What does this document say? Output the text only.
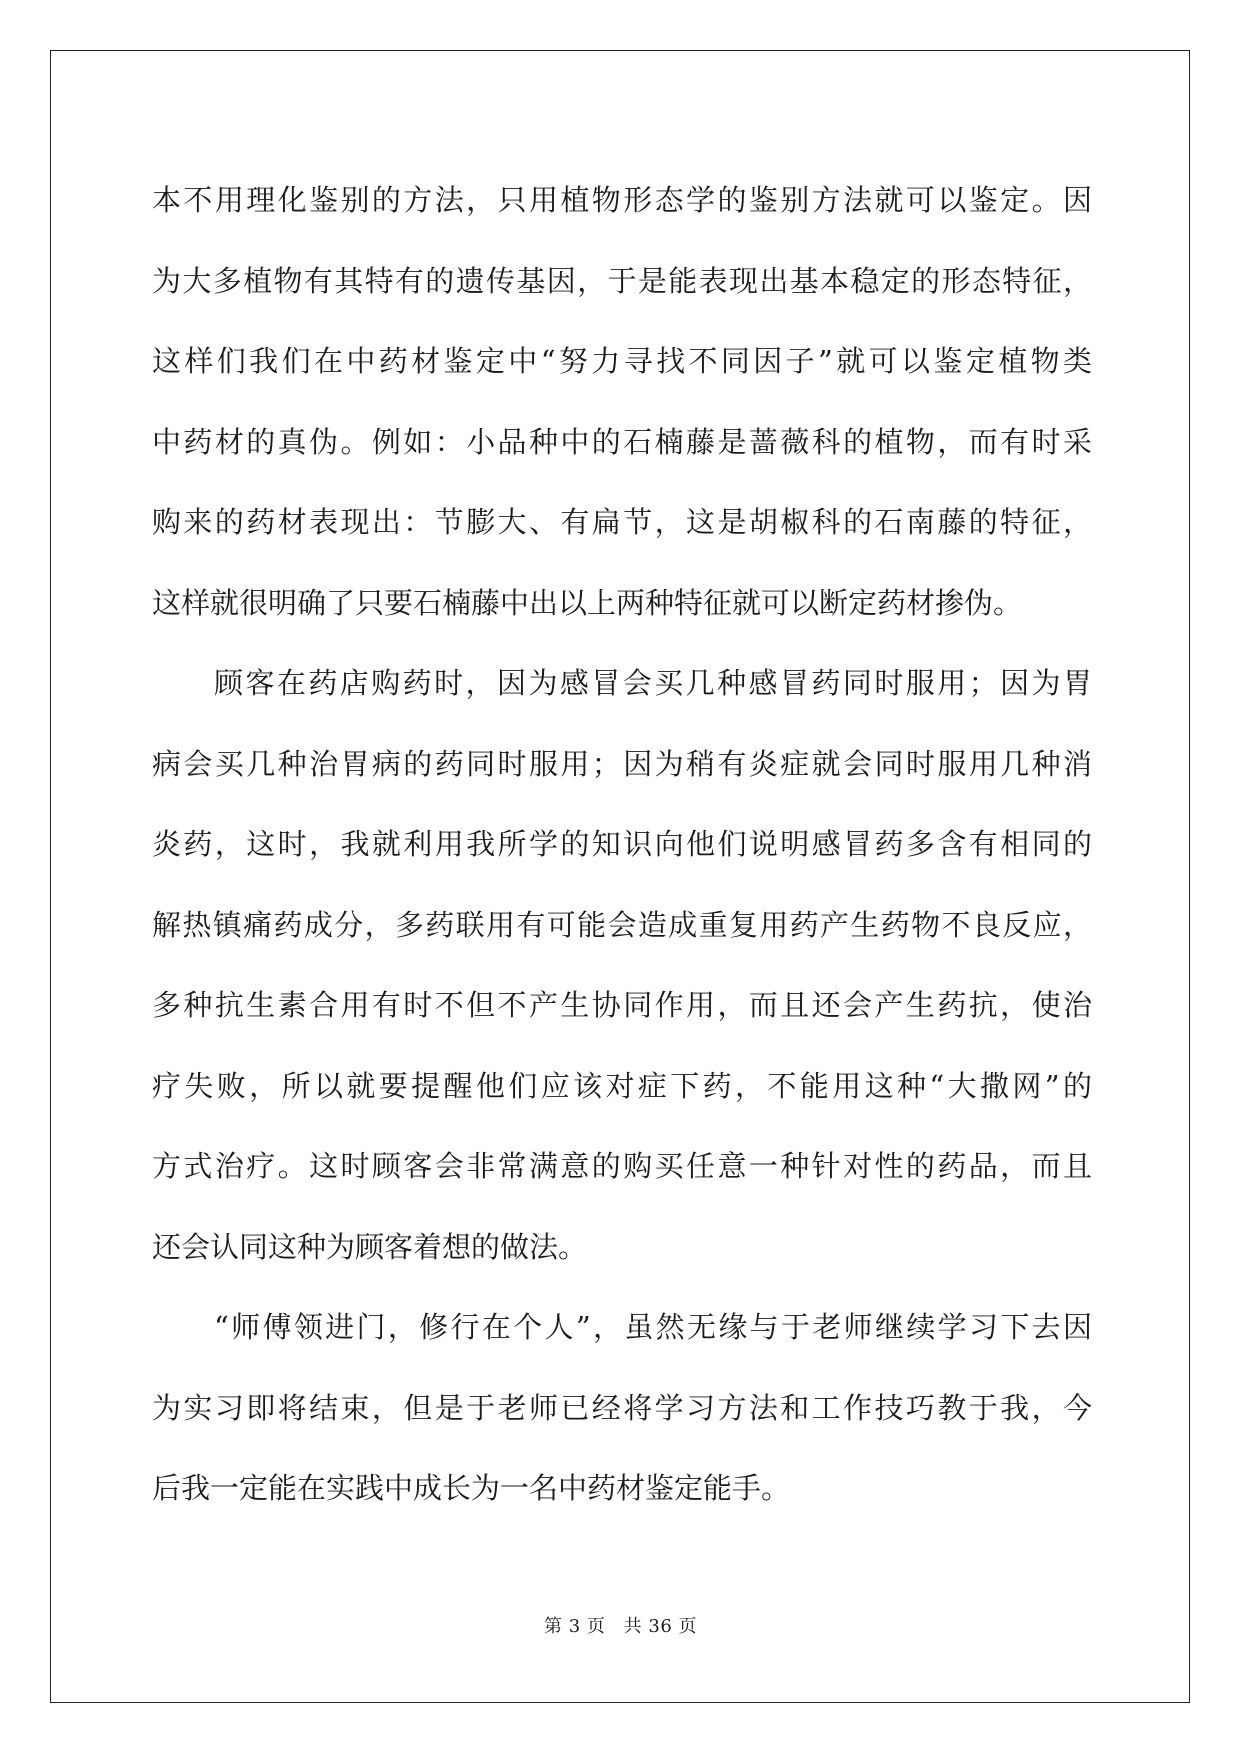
本不用理化鉴别的方法，只用植物形态学的鉴别方法就可以鉴定。因
为大多植物有其特有的遗传基因，于是能表现出基本稳定的形态特征，
这样们我们在中药材鉴定中“努力寻找不同因子”就可以鉴定植物类
中药材的真伪。例如：小品种中的石楠藤是蔷薇科的植物，而有时采
购来的药材表现出：节膨大、有扁节，这是胡椒科的石南藤的特征，
这样就很明确了只要石楠藤中出以上两种特征就可以断定药材掺伪。
顾客在药店购药时，因为感冒会买几种感冒药同时服用；因为胃
病会买几种治胃病的药同时服用；因为稍有炎症就会同时服用几种消
炎药，这时，我就利用我所学的知识向他们说明感冒药多含有相同的
解热镇痛药成分，多药联用有可能会造成重复用药产生药物不良反应，
多种抗生素合用有时不但不产生协同作用，而且还会产生药抗，使治
疗失败，所以就要提醒他们应该对症下药，不能用这种“大撒网”的
方式治疗。这时顾客会非常满意的购买任意一种针对性的药品，而且
还会认同这种为顾客着想的做法。
“师傅领进门，修行在个人”，虽然无缘与于老师继续学习下去因
为实习即将结束，但是于老师已经将学习方法和工作技巧教于我，今
后我一定能在实践中成长为一名中药材鉴定能手。
第 3 页 共 36 页
